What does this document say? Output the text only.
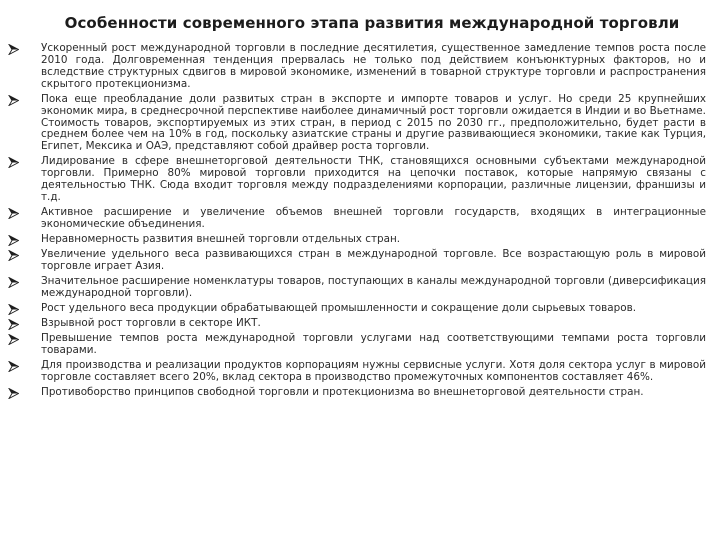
Особенности современного этапа развития международной торговли
Ускоренный рост международной торговли в последние десятилетия, существенное замедление темпов роста после 2010 года. Долговременная тенденция прервалась не только под действием конъюнктурных факторов, но и вследствие структурных сдвигов в мировой экономике, изменений в товарной структуре торговли и распространения скрытого протекционизма.
Пока еще преобладание доли развитых стран в экспорте и импорте товаров и услуг. Но среди 25 крупнейших экономик мира, в среднесрочной перспективе наиболее динамичный рост торговли ожидается в Индии и во Вьетнаме. Стоимость товаров, экспортируемых из этих стран, в период с 2015 по 2030 гг., предположительно, будет расти в среднем более чем на 10% в год, поскольку азиатские страны и другие развивающиеся экономики, такие как Турция, Египет, Мексика и ОАЭ, представляют собой драйвер роста торговли.
Лидирование в сфере внешнеторговой деятельности ТНК, становящихся основными субъектами международной торговли. Примерно 80% мировой торговли приходится на цепочки поставок, которые напрямую связаны с деятельностью ТНК. Сюда входит торговля между подразделениями корпорации, различные лицензии, франшизы и т.д.
Активное расширение и увеличение объемов внешней торговли государств, входящих в интеграционные экономические объединения.
Неравномерность развития внешней торговли отдельных стран.
Увеличение удельного веса развивающихся стран в международной торговле. Все возрастающую роль в мировой торговле играет Азия.
Значительное расширение номенклатуры товаров, поступающих в каналы международной торговли (диверсификация международной торговли).
Рост удельного веса продукции обрабатывающей промышленности и сокращение доли сырьевых товаров.
Взрывной рост торговли в секторе ИКТ.
Превышение темпов роста международной торговли услугами над соответствующими темпами роста торговли товарами.
Для производства и реализации продуктов корпорациям нужны сервисные услуги. Хотя доля сектора услуг в мировой торговле составляет всего 20%, вклад сектора в производство промежуточных компонентов составляет 46%.
Противоборство принципов свободной торговли и протекционизма во внешнеторговой деятельности стран.
